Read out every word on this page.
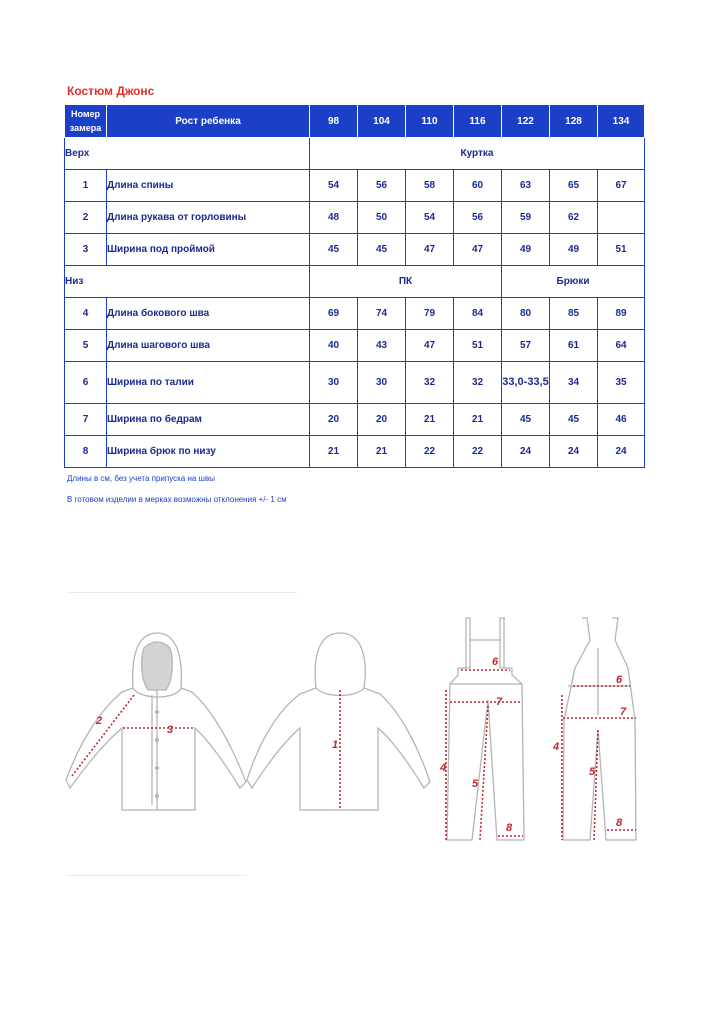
Костюм Джонс
Номер
замера	Рост ребенка	98	104	110	116	122	128	134
Верх		Куртка						
1	Длина спины	54	56	58	60	63	65	67
2	Длина рукава от горловины	48	50	54	56	59	62	
3	Ширина под проймой	45	45	47	47	49	49	51
Низ		ПК				Брюки		
4	Длина бокового шва	69	74	79	84	80	85	89
5	Длина шагового шва	40	43	47	51	57	61	64
6	Ширина по талии	30	30	32	32	33,0-33,5	34	35
7	Ширина по бедрам	20	20	21	21	45	45	46
8	Ширина брюк по низу	21	21	22	22	24	24	24
Длины в см, без учета припуска на швы
В готовом изделии в мерках возможны отклонения +/- 1 см
2
3
1
6
7
4
5
8
6
7
4
5
8
